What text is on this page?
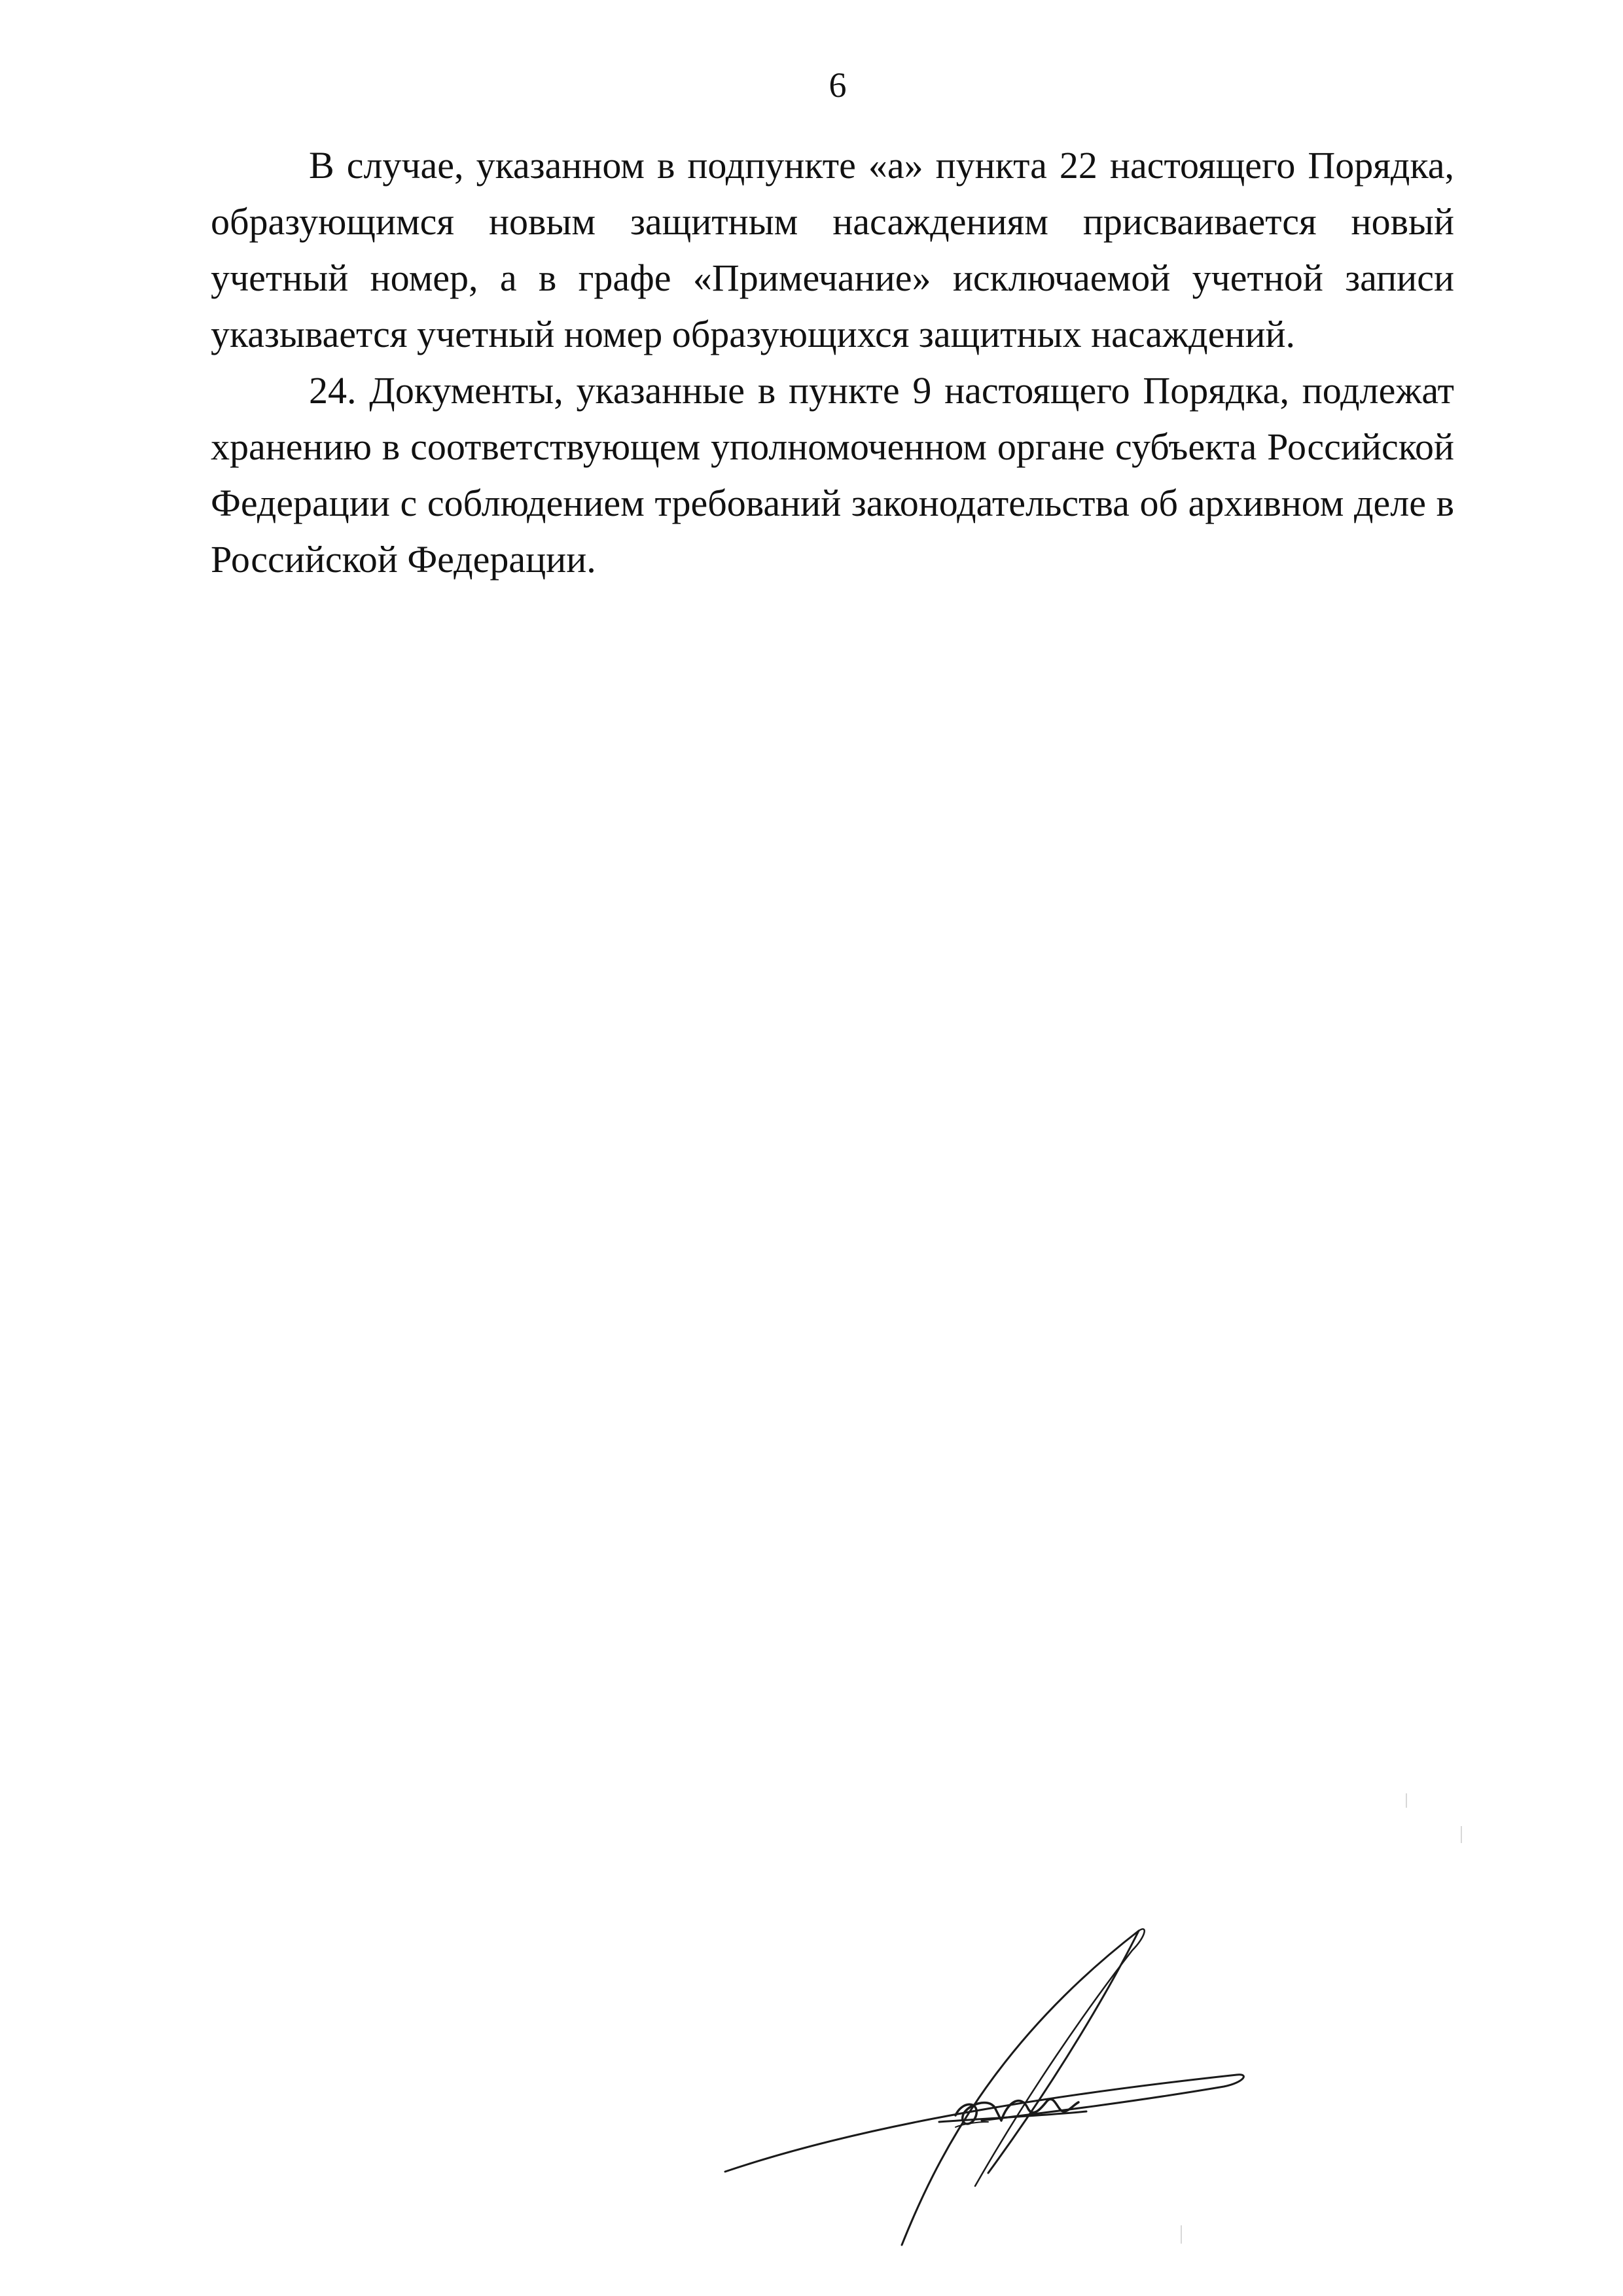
6

В случае, указанном в подпункте «а» пункта 22 настоящего Порядка, образующимся новым защитным насаждениям присваивается новый учетный номер, а в графе «Примечание» исключаемой учетной записи указывается учетный номер образующихся защитных насаждений.

24. Документы, указанные в пункте 9 настоящего Порядка, подлежат хранению в соответствующем уполномоченном органе субъекта Российской Федерации с соблюдением требований законодательства об архивном деле в Российской Федерации.
